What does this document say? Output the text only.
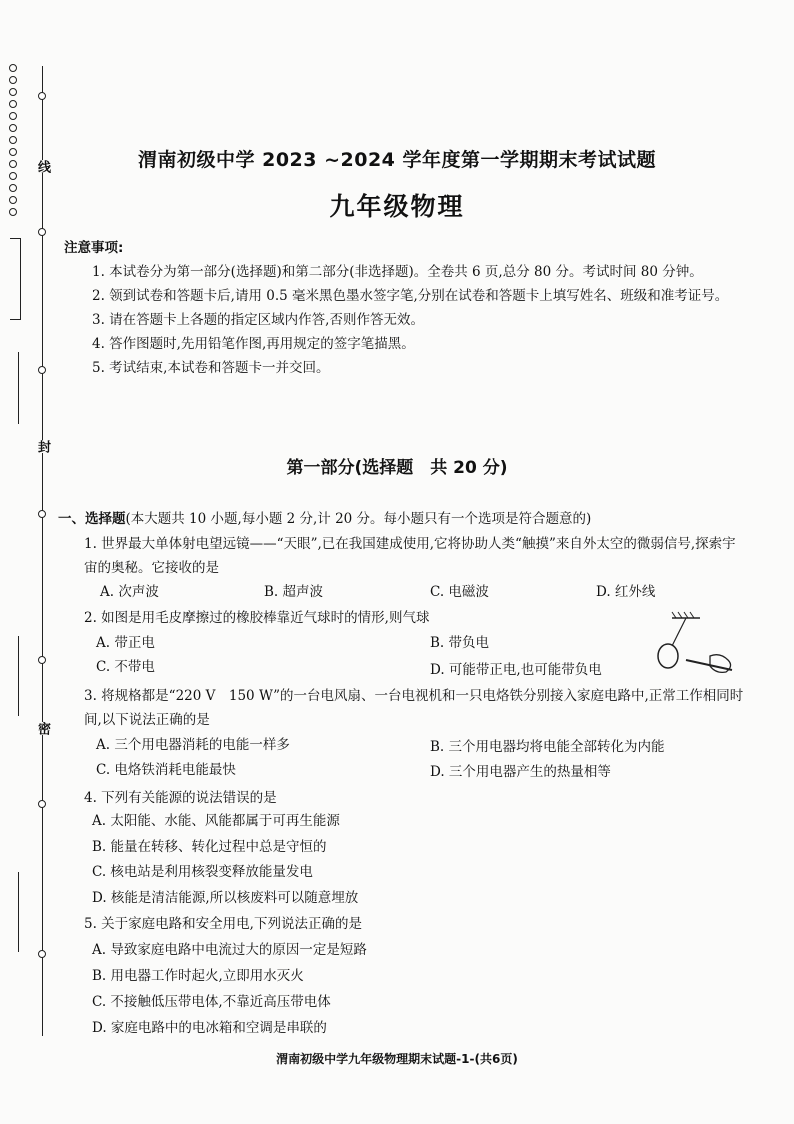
线
封
密
渭南初级中学 2023 ~2024 学年度第一学期期末考试试题
九年级物理
注意事项:
1. 本试卷分为第一部分(选择题)和第二部分(非选择题)。全卷共 6 页,总分 80 分。考试时间 80 分钟。
2. 领到试卷和答题卡后,请用 0.5 毫米黑色墨水签字笔,分别在试卷和答题卡上填写姓名、班级和准考证号。
3. 请在答题卡上各题的指定区域内作答,否则作答无效。
4. 答作图题时,先用铅笔作图,再用规定的签字笔描黑。
5. 考试结束,本试卷和答题卡一并交回。
第一部分(选择题　共 20 分)
一、选择题(本大题共 10 小题,每小题 2 分,计 20 分。每小题只有一个选项是符合题意的)
1. 世界最大单体射电望远镜——“天眼”,已在我国建成使用,它将协助人类“触摸”来自外太空的微弱信号,探索宇宙的奥秘。它接收的是
A. 次声波	B. 超声波	C. 电磁波	D. 红外线
2. 如图是用毛皮摩擦过的橡胶棒靠近气球时的情形,则气球
A. 带正电	B. 带负电
C. 不带电	D. 可能带正电,也可能带负电
3. 将规格都是“220 V　150 W”的一台电风扇、一台电视机和一只电烙铁分别接入家庭电路中,正常工作相同时间,以下说法正确的是
A. 三个用电器消耗的电能一样多	B. 三个用电器均将电能全部转化为内能
C. 电烙铁消耗电能最快	D. 三个用电器产生的热量相等
4. 下列有关能源的说法错误的是
A. 太阳能、水能、风能都属于可再生能源
B. 能量在转移、转化过程中总是守恒的
C. 核电站是利用核裂变释放能量发电
D. 核能是清洁能源,所以核废料可以随意埋放
5. 关于家庭电路和安全用电,下列说法正确的是
A. 导致家庭电路中电流过大的原因一定是短路
B. 用电器工作时起火,立即用水灭火
C. 不接触低压带电体,不靠近高压带电体
D. 家庭电路中的电冰箱和空调是串联的
渭南初级中学九年级物理期末试题-1-(共6页)
